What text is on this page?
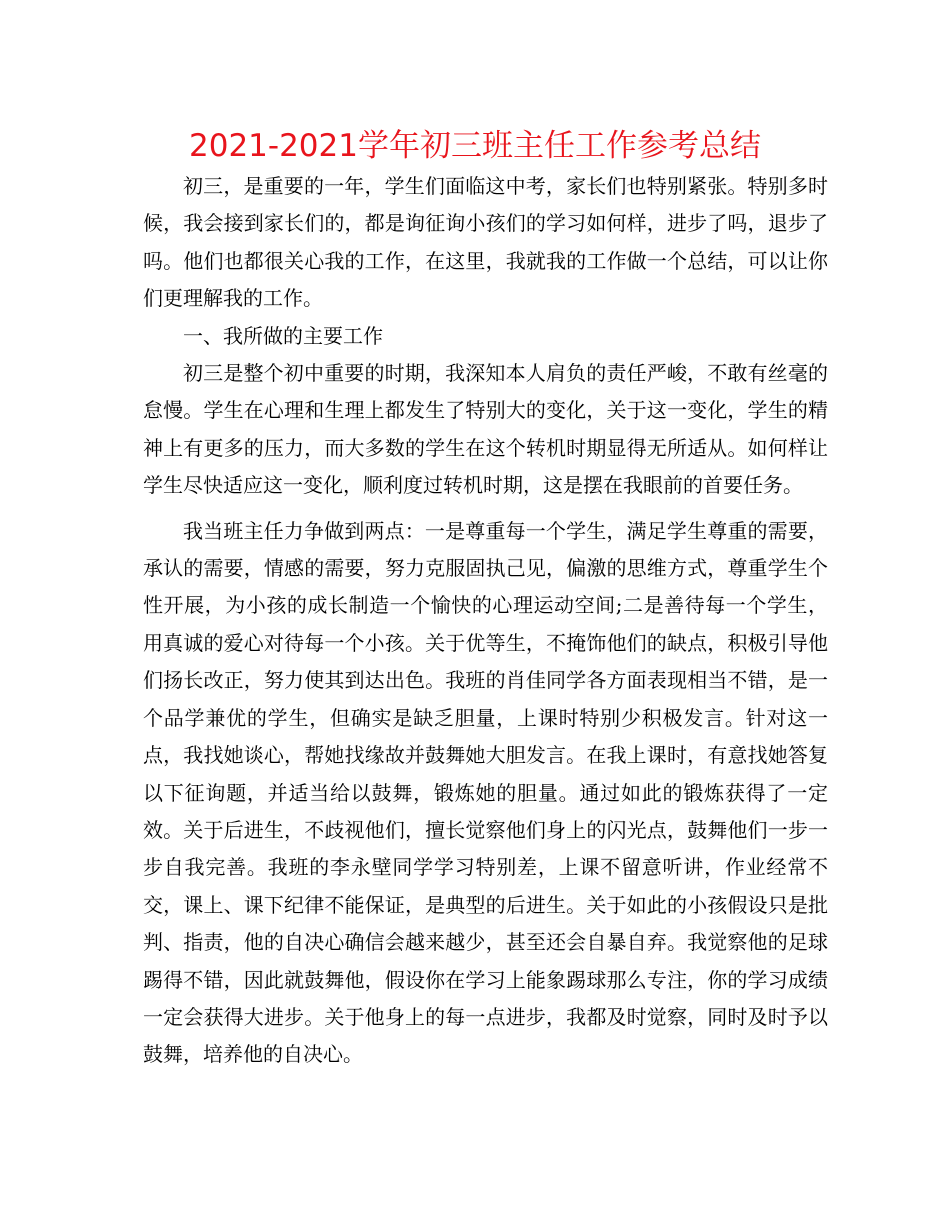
2021-2021学年初三班主任工作参考总结

初三，是重要的一年，学生们面临这中考，家长们也特别紧张。特别多时候，我会接到家长们的，都是询征询小孩们的学习如何样，进步了吗，退步了吗。他们也都很关心我的工作，在这里，我就我的工作做一个总结，可以让你们更理解我的工作。

一、我所做的主要工作

初三是整个初中重要的时期，我深知本人肩负的责任严峻，不敢有丝毫的怠慢。学生在心理和生理上都发生了特别大的变化，关于这一变化，学生的精神上有更多的压力，而大多数的学生在这个转机时期显得无所适从。如何样让学生尽快适应这一变化，顺利度过转机时期，这是摆在我眼前的首要任务。

我当班主任力争做到两点：一是尊重每一个学生，满足学生尊重的需要，承认的需要，情感的需要，努力克服固执己见，偏激的思维方式，尊重学生个性开展，为小孩的成长制造一个愉快的心理运动空间;二是善待每一个学生，用真诚的爱心对待每一个小孩。关于优等生，不掩饰他们的缺点，积极引导他们扬长改正，努力使其到达出色。我班的肖佳同学各方面表现相当不错，是一个品学兼优的学生，但确实是缺乏胆量，上课时特别少积极发言。针对这一点，我找她谈心，帮她找缘故并鼓舞她大胆发言。在我上课时，有意找她答复以下征询题，并适当给以鼓舞，锻炼她的胆量。通过如此的锻炼获得了一定效。关于后进生，不歧视他们，擅长觉察他们身上的闪光点，鼓舞他们一步一步自我完善。我班的李永壁同学学习特别差，上课不留意听讲，作业经常不交，课上、课下纪律不能保证，是典型的后进生。关于如此的小孩假设只是批判、指责，他的自决心确信会越来越少，甚至还会自暴自弃。我觉察他的足球踢得不错，因此就鼓舞他，假设你在学习上能象踢球那么专注，你的学习成绩一定会获得大进步。关于他身上的每一点进步，我都及时觉察，同时及时予以鼓舞，培养他的自决心。
